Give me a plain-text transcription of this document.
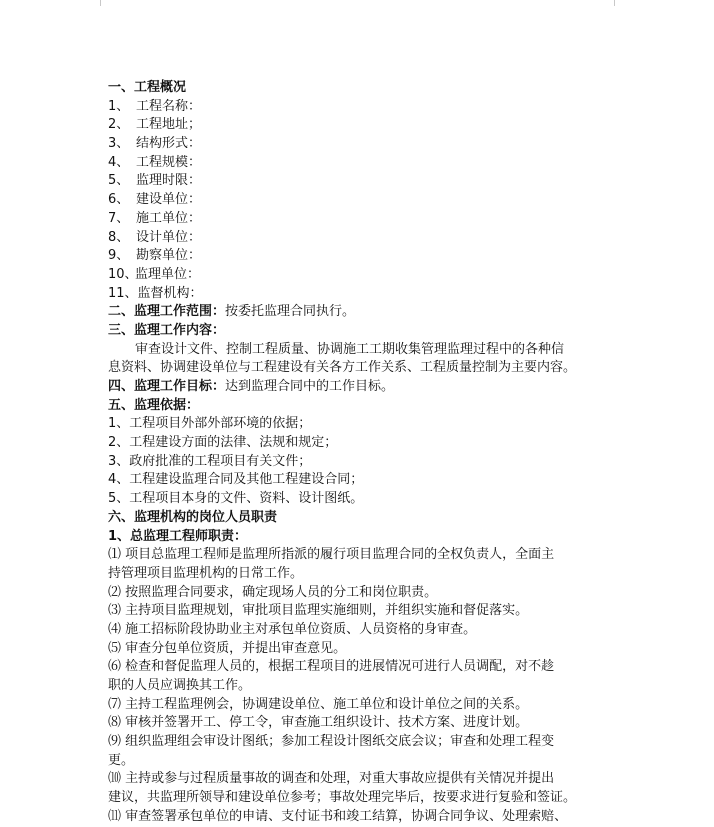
一、工程概况
1、 工程名称：
2、 工程地址；
3、 结构形式：
4、 工程规模：
5、 监理时限：
6、 建设单位：
7、 施工单位：
8、 设计单位：
9、 勘察单位：
10、监理单位：
11、监督机构：
二、监理工作范围：按委托监理合同执行。
三、监理工作内容：
审查设计文件、控制工程质量、协调施工工期收集管理监理过程中的各种信
息资料、协调建设单位与工程建设有关各方工作关系、工程质量控制为主要内容。
四、监理工作目标：达到监理合同中的工作目标。
五、监理依据：
1、工程项目外部外部环境的依据；
2、工程建设方面的法律、法规和规定；
3、政府批准的工程项目有关文件；
4、工程建设监理合同及其他工程建设合同；
5、工程项目本身的文件、资料、设计图纸。
六、监理机构的岗位人员职责
1、总监理工程师职责：
⑴ 项目总监理工程师是监理所指派的履行项目监理合同的全权负责人，全面主
持管理项目监理机构的日常工作。
⑵ 按照监理合同要求，确定现场人员的分工和岗位职责。
⑶ 主持项目监理规划，审批项目监理实施细则，并组织实施和督促落实。
⑷ 施工招标阶段协助业主对承包单位资质、人员资格的身审查。
⑸ 审查分包单位资质，并提出审查意见。
⑹ 检查和督促监理人员的，根据工程项目的进展情况可进行人员调配，对不趁
职的人员应调换其工作。
⑺ 主持工程监理例会，协调建设单位、施工单位和设计单位之间的关系。
⑻ 审核并签署开工、停工令，审查施工组织设计、技术方案、进度计划。
⑼ 组织监理组会审设计图纸；参加工程设计图纸交底会议；审查和处理工程变
更。
⑽ 主持或参与过程质量事故的调查和处理，对重大事故应提供有关情况并提出
建议，共监理所领导和建设单位参考；事故处理完毕后，按要求进行复验和签证。
⑾ 审查签署承包单位的申请、支付证书和竣工结算，协调合同争议、处理索赔、
